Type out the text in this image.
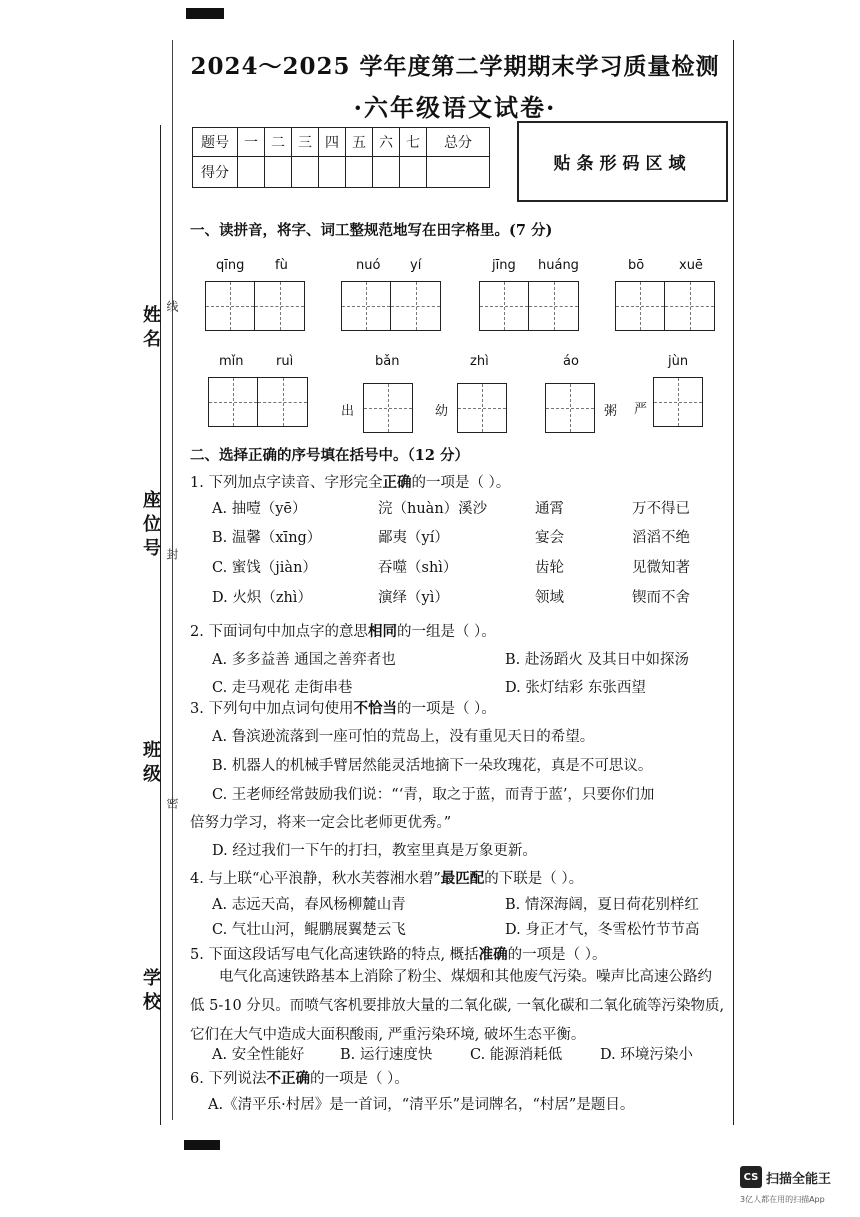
姓名
座位号
班级
学校
线
封
密
2024～2025 学年度第二学期期末学习质量检测
·六年级语文试卷·
题号	一	二	三	四	五	六	七	总分
得分									贴条形码区域
一、读拼音，将字、词工整规范地写在田字格里。(7 分)
qīng fù	nuó yí	jīng huáng	bō	xuē
mǐn ruì	bǎn	zhì	áo	jùn
出	幼	粥 严
二、选择正确的序号填在括号中。（12 分）
1. 下列加点字读音、字形完全正确的一项是（ ）。
A. 抽噎（yē）	浣（huàn）溪沙	通霄	万不得已
B. 温馨（xīng）	鄙夷（yí）	宴会	滔滔不绝
C. 蜜饯（jiàn）	吞噬（shì）	齿轮	见微知著
D. 火炽（zhì）	演绎（yì）	领域	锲而不舍
2. 下面词句中加点字的意思相同的一组是（ ）。
A. 多多益善 通国之善弈者也	B. 赴汤蹈火 及其日中如探汤
C. 走马观花 走街串巷	D. 张灯结彩 东张西望
3. 下列句中加点词句使用不恰当的一项是（ ）。
A. 鲁滨逊流落到一座可怕的荒岛上，没有重见天日的希望。
B. 机器人的机械手臂居然能灵活地摘下一朵玫瑰花，真是不可思议。
C. 王老师经常鼓励我们说：“‘青，取之于蓝，而青于蓝’，只要你们加
倍努力学习，将来一定会比老师更优秀。”
D. 经过我们一下午的打扫，教室里真是万象更新。
4. 与上联“心平浪静，秋水芙蓉湘水碧”最匹配的下联是（ ）。
A. 志远天高，春风杨柳麓山青	B. 情深海阔，夏日荷花别样红
C. 气壮山河，鲲鹏展翼楚云飞	D. 身正才气，冬雪松竹节节高
5. 下面这段话写电气化高速铁路的特点, 概括准确的一项是（ ）。
电气化高速铁路基本上消除了粉尘、煤烟和其他废气污染。噪声比高速公路约低 5-10 分贝。而喷气客机要排放大量的二氧化碳, 一氧化碳和二氧化硫等污染物质, 它们在大气中造成大面积酸雨, 严重污染环境, 破坏生态平衡。
A. 安全性能好 B. 运行速度快	C. 能源消耗低	D. 环境污染小
6. 下列说法不正确的一项是（ ）。
A.《清平乐·村居》是一首词，“清平乐”是词牌名，“村居”是题目。
CS 扫描全能王
3亿人都在用的扫描App
